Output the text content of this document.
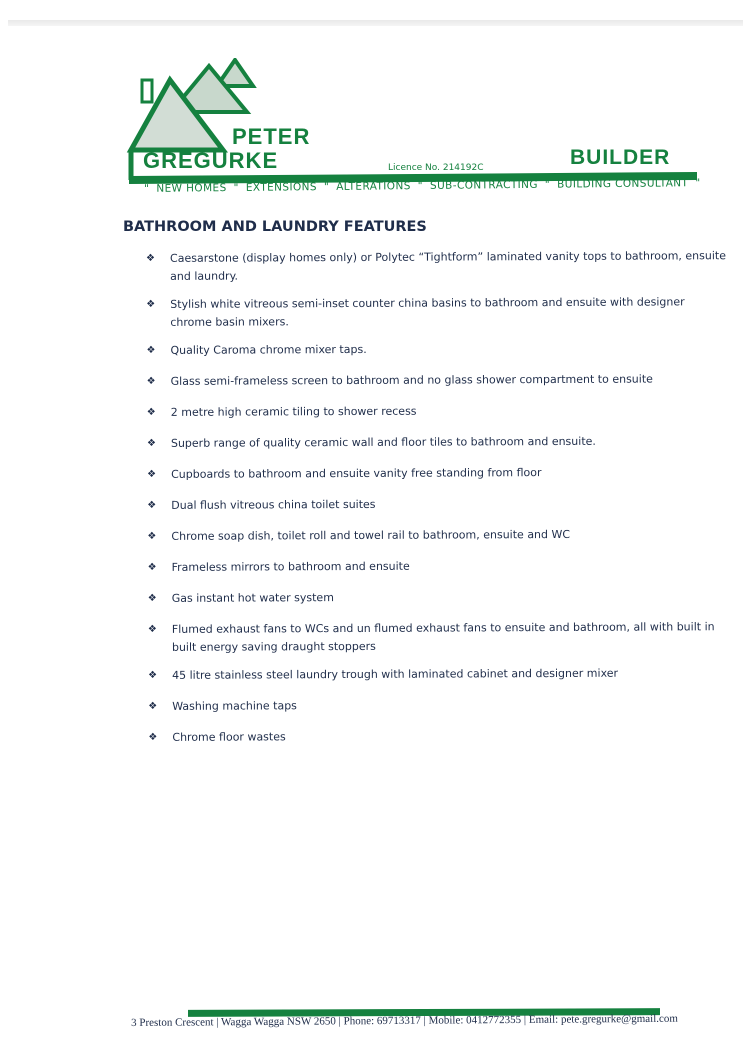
PETER
GREGURKE	Licence No. 214192C	BUILDER
" NEW HOMES " EXTENSIONS " ALTERATIONS " SUB-CONTRACTING " BUILDING CONSULTANT "
BATHROOM AND LAUNDRY FEATURES
❖ Caesarstone (display homes only) or Polytec “Tightform” laminated vanity tops to bathroom, ensuite and laundry.
❖ Stylish white vitreous semi-inset counter china basins to bathroom and ensuite with designer chrome basin mixers.
❖ Quality Caroma chrome mixer taps.
❖ Glass semi-frameless screen to bathroom and no glass shower compartment to ensuite
❖ 2 metre high ceramic tiling to shower recess
❖ Superb range of quality ceramic wall and floor tiles to bathroom and ensuite.
❖ Cupboards to bathroom and ensuite vanity free standing from floor
❖ Dual flush vitreous china toilet suites
❖ Chrome soap dish, toilet roll and towel rail to bathroom, ensuite and WC
❖ Frameless mirrors to bathroom and ensuite
❖ Gas instant hot water system
❖ Flumed exhaust fans to WCs and un flumed exhaust fans to ensuite and bathroom, all with built in built energy saving draught stoppers
❖ 45 litre stainless steel laundry trough with laminated cabinet and designer mixer
❖ Washing machine taps
❖ Chrome floor wastes
3 Preston Crescent | Wagga Wagga NSW 2650 | Phone: 69713317 | Mobile: 0412772355 | Email: pete.gregurke@gmail.com
